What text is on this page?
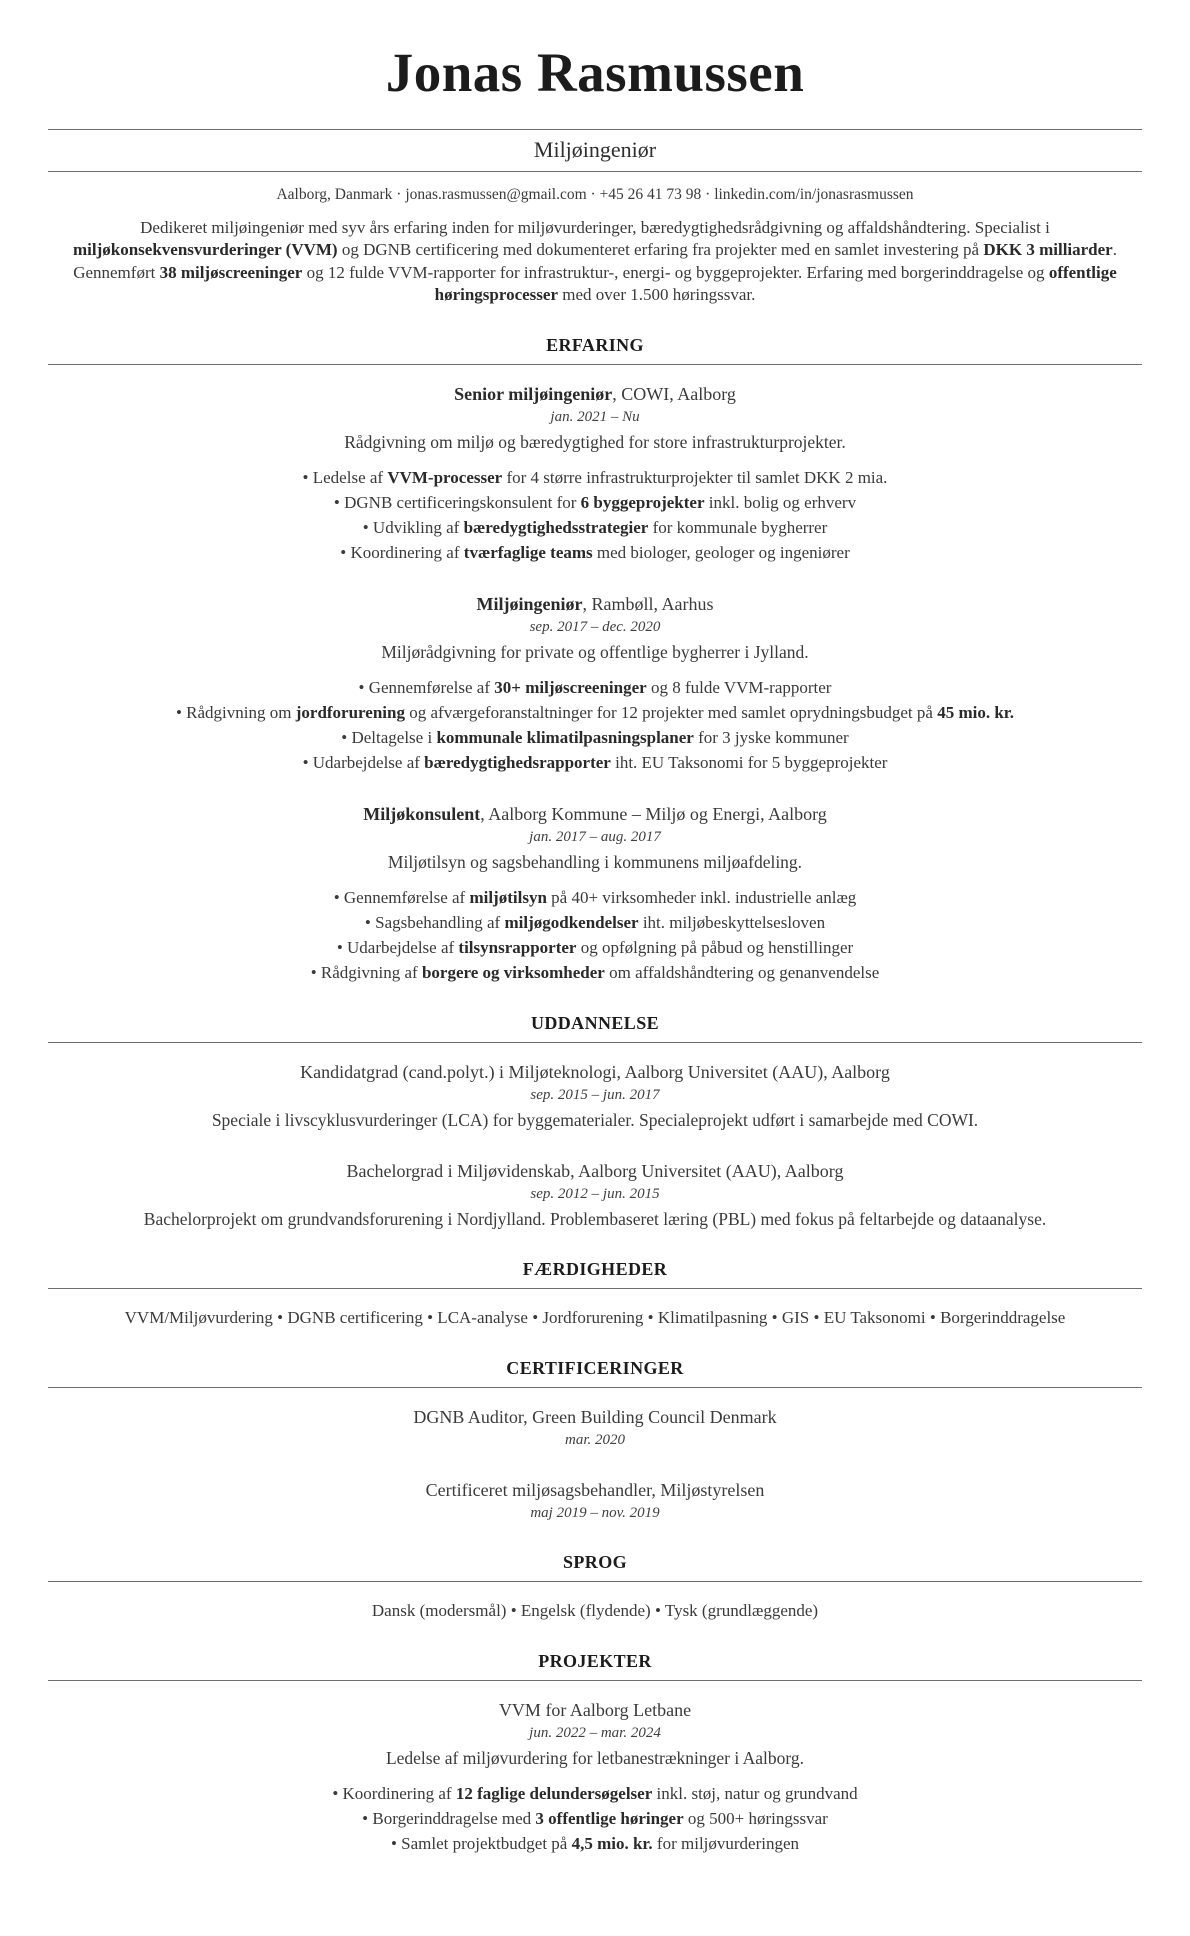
Jonas Rasmussen
Miljøingeniør
Aalborg, Danmark · jonas.rasmussen@gmail.com · +45 26 41 73 98 · linkedin.com/in/jonasrasmussen

Dedikeret miljøingeniør med syv års erfaring inden for miljøvurderinger, bæredygtighedsrådgivning og affaldshåndtering. Specialist i miljøkonsekvensvurderinger (VVM) og DGNB certificering med dokumenteret erfaring fra projekter med en samlet investering på DKK 3 milliarder. Gennemført 38 miljøscreeninger og 12 fulde VVM-rapporter for infrastruktur-, energi- og byggeprojekter. Erfaring med borgerinddragelse og offentlige høringsprocesser med over 1.500 høringssvar.

ERFARING
Senior miljøingeniør, COWI, Aalborg
jan. 2021 – Nu
Rådgivning om miljø og bæredygtighed for store infrastrukturprojekter.
• Ledelse af VVM-processer for 4 større infrastrukturprojekter til samlet DKK 2 mia.
• DGNB certificeringskonsulent for 6 byggeprojekter inkl. bolig og erhverv
• Udvikling af bæredygtighedsstrategier for kommunale bygherrer
• Koordinering af tværfaglige teams med biologer, geologer og ingeniører
Miljøingeniør, Rambøll, Aarhus
sep. 2017 – dec. 2020
Miljørådgivning for private og offentlige bygherrer i Jylland.
• Gennemførelse af 30+ miljøscreeninger og 8 fulde VVM-rapporter
• Rådgivning om jordforurening og afværgeforanstaltninger for 12 projekter med samlet oprydningsbudget på 45 mio. kr.
• Deltagelse i kommunale klimatilpasningsplaner for 3 jyske kommuner
• Udarbejdelse af bæredygtighedsrapporter iht. EU Taksonomi for 5 byggeprojekter
Miljøkonsulent, Aalborg Kommune – Miljø og Energi, Aalborg
jan. 2017 – aug. 2017
Miljøtilsyn og sagsbehandling i kommunens miljøafdeling.
• Gennemførelse af miljøtilsyn på 40+ virksomheder inkl. industrielle anlæg
• Sagsbehandling af miljøgodkendelser iht. miljøbeskyttelsesloven
• Udarbejdelse af tilsynsrapporter og opfølgning på påbud og henstillinger
• Rådgivning af borgere og virksomheder om affaldshåndtering og genanvendelse
UDDANNELSE
Kandidatgrad (cand.polyt.) i Miljøteknologi, Aalborg Universitet (AAU), Aalborg
sep. 2015 – jun. 2017
Speciale i livscyklusvurderinger (LCA) for byggematerialer. Specialeprojekt udført i samarbejde med COWI.
Bachelorgrad i Miljøvidenskab, Aalborg Universitet (AAU), Aalborg
sep. 2012 – jun. 2015
Bachelorprojekt om grundvandsforurening i Nordjylland. Problembaseret læring (PBL) med fokus på feltarbejde og dataanalyse.
FÆRDIGHEDER
VVM/Miljøvurdering • DGNB certificering • LCA-analyse • Jordforurening • Klimatilpasning • GIS • EU Taksonomi • Borgerinddragelse
CERTIFICERINGER
DGNB Auditor, Green Building Council Denmark
mar. 2020
Certificeret miljøsagsbehandler, Miljøstyrelsen
maj 2019 – nov. 2019
SPROG
Dansk (modersmål) • Engelsk (flydende) • Tysk (grundlæggende)
PROJEKTER
VVM for Aalborg Letbane
jun. 2022 – mar. 2024
Ledelse af miljøvurdering for letbanestrækninger i Aalborg.
• Koordinering af 12 faglige delundersøgelser inkl. støj, natur og grundvand
• Borgerinddragelse med 3 offentlige høringer og 500+ høringssvar
• Samlet projektbudget på 4,5 mio. kr. for miljøvurderingen
